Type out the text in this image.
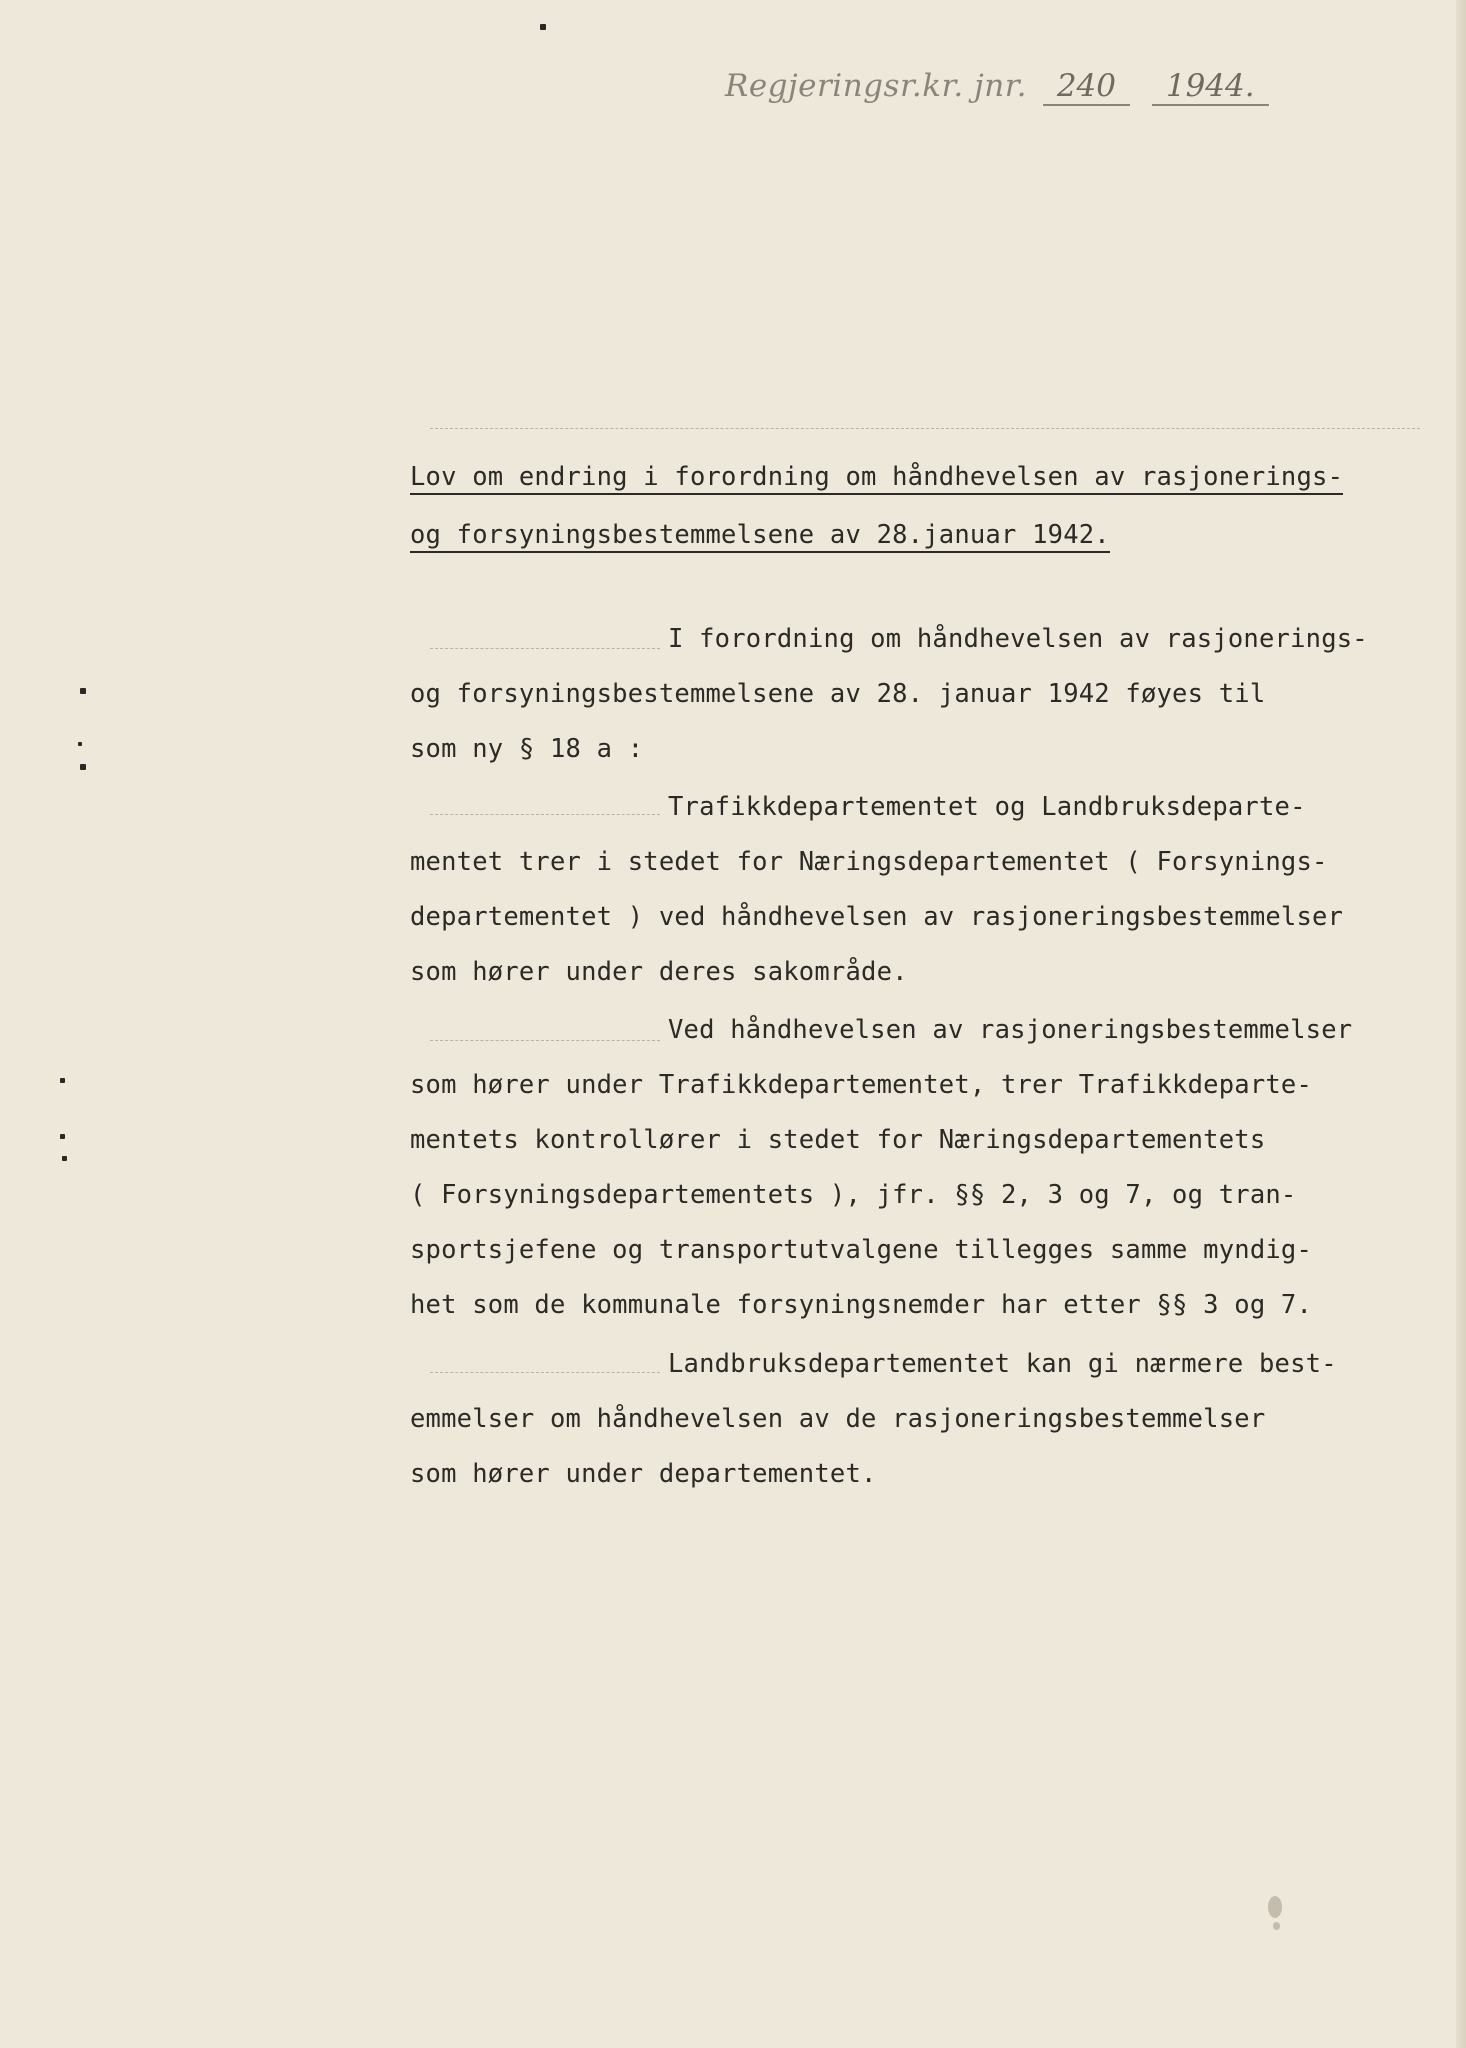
Regjeringsr.kr. jnr. 240 1944.
Lov om endring i forordning om håndhevelsen av rasjonerings-
og forsyningsbestemmelsene av 28.januar 1942.
I forordning om håndhevelsen av rasjonerings-
og forsyningsbestemmelsene av 28. januar 1942 føyes til
som ny § 18 a :
Trafikkdepartementet og Landbruksdeparte-
mentet trer i stedet for Næringsdepartementet ( Forsynings-
departementet ) ved håndhevelsen av rasjoneringsbestemmelser
som hører under deres sakområde.
Ved håndhevelsen av rasjoneringsbestemmelser
som hører under Trafikkdepartementet, trer Trafikkdeparte-
mentets kontrollører i stedet for Næringsdepartementets
( Forsyningsdepartementets ), jfr. §§ 2, 3 og 7, og tran-
sportsjefene og transportutvalgene tillegges samme myndig-
het som de kommunale forsyningsnemder har etter §§ 3 og 7.
Landbruksdepartementet kan gi nærmere best-
emmelser om håndhevelsen av de rasjoneringsbestemmelser
som hører under departementet.
